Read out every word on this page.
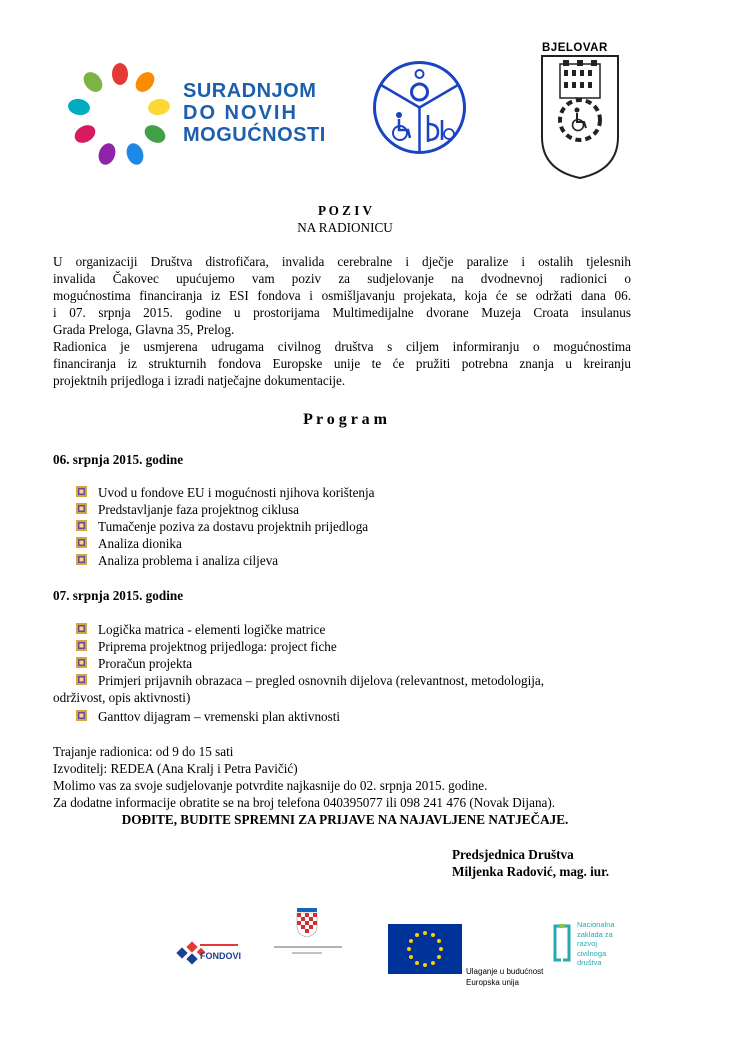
SURADNJOM
DO NOVIH
MOGUĆNOSTI
BJELOVAR
P O Z I V
NA RADIONICU
U organizaciji Društva distrofičara, invalida cerebralne i dječje paralize i ostalih tjelesnih
invalida Čakovec upućujemo vam poziv za sudjelovanje na dvodnevnoj radionici o
mogućnostima financiranja iz ESI fondova i osmišljavanju projekata, koja će se održati dana 06.
i 07. srpnja 2015. godine u prostorijama Multimedijalne dvorane Muzeja Croata insulanus
Grada Preloga, Glavna 35, Prelog.
Radionica je usmjerena udrugama civilnog društva s ciljem informiranju o mogućnostima
financiranja iz strukturnih fondova Europske unije te će pružiti potrebna znanja u kreiranju
projektnih prijedloga i izradi natječajne dokumentacije.
P r o g r a m
06. srpnja 2015. godine
Uvod u fondove EU i mogućnosti njihova korištenja
Predstavljanje faza projektnog ciklusa
Tumačenje poziva za dostavu projektnih prijedloga
Analiza dionika
Analiza problema i analiza ciljeva
07. srpnja 2015. godine
Logička matrica - elementi logičke matrice
Priprema projektnog prijedloga: project fiche
Proračun projekta
Primjeri prijavnih obrazaca – pregled osnovnih dijelova (relevantnost, metodologija,
održivost, opis aktivnosti)
Ganttov dijagram – vremenski plan aktivnosti
Trajanje radionica: od 9 do 15 sati
Izvoditelj: REDEA (Ana Kralj i Petra Pavičić)
Molimo vas za svoje sudjelovanje potvrdite najkasnije do 02. srpnja 2015. godine.
Za dodatne informacije obratite se na broj telefona 040395077 ili 098 241 476 (Novak Dijana).
DOĐITE, BUDITE SPREMNI ZA PRIJAVE NA NAJAVLJENE NATJEČAJE.
Predsjednica Društva
Miljenka Radović, mag. iur.
FONDOVI
Ulaganje u budućnost
Europska unija
Nacionalna
zaklada za
razvoj
civilnoga
društva
